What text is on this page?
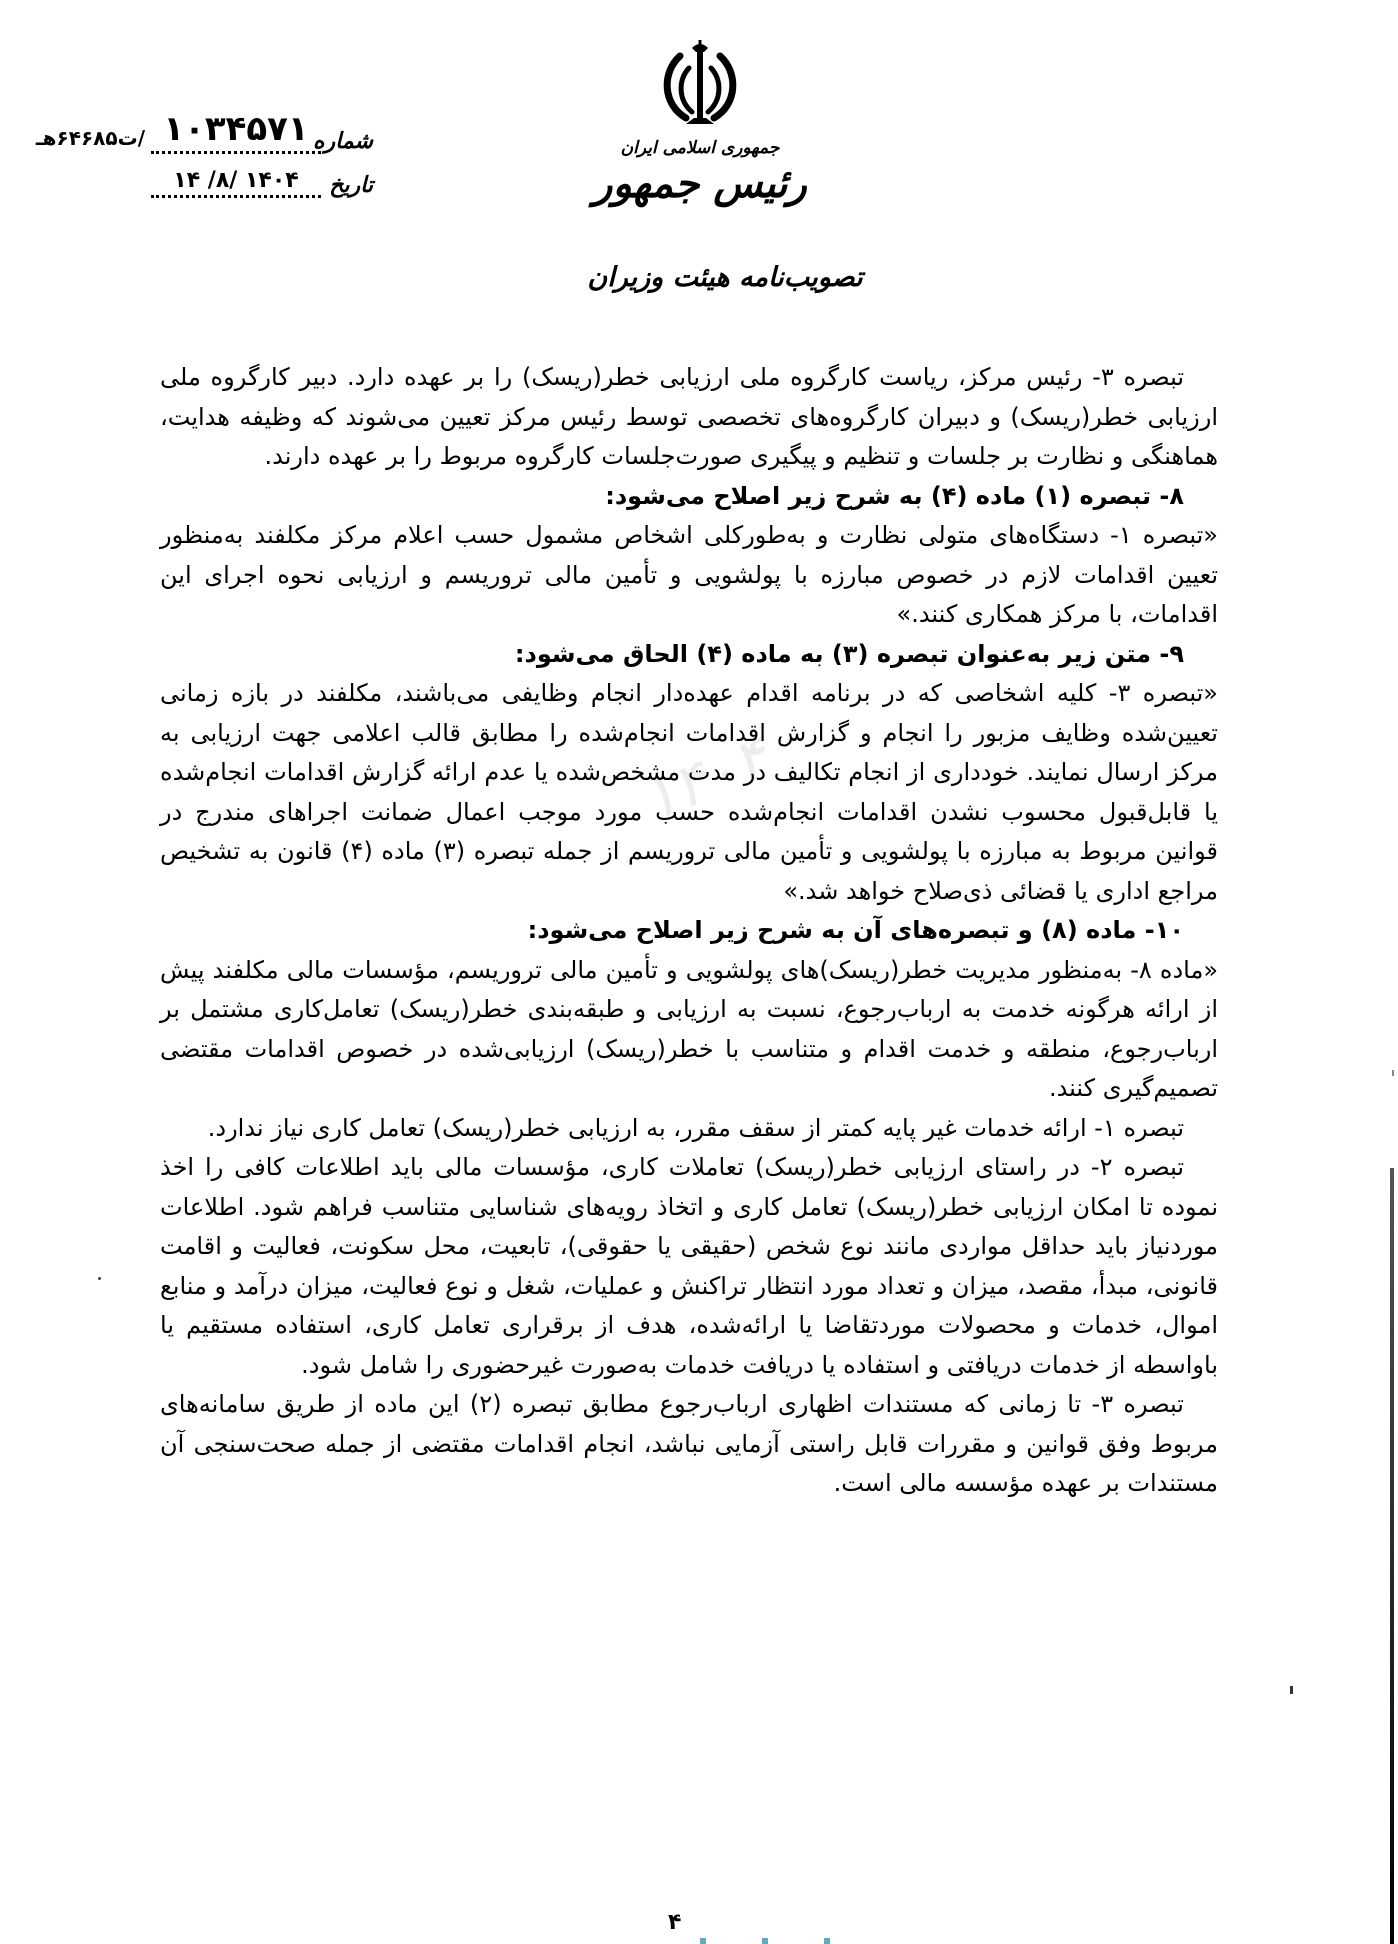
شماره
۱۰۳۴۵۷۱
/ت۶۴۶۸۵هـ
تاریخ
۱۴۰۴ /۸/ ۱۴
جمهوری اسلامی ایران
رئیس جمهور
تصویب‌نامه هیئت وزیران
۱۴۰۴

تبصره ۳- رئیس مرکز، ریاست کارگروه ملی ارزیابی خطر(ریسک) را بر عهده دارد. دبیر کارگروه ملی ارزیابی خطر(ریسک) و دبیران کارگروه‌های تخصصی توسط رئیس مرکز تعیین می‌شوند که وظیفه هدایت، هماهنگی و نظارت بر جلسات و تنظیم و پیگیری صورت‌جلسات کارگروه مربوط را بر عهده دارند.

۸- تبصره (۱) ماده (۴) به شرح زیر اصلاح می‌شود:

«تبصره ۱- دستگاه‌های متولی نظارت و به‌طورکلی اشخاص مشمول حسب اعلام مرکز مکلفند به‌منظور تعیین اقدامات لازم در خصوص مبارزه با پولشویی و تأمین مالی تروریسم و ارزیابی نحوه اجرای این اقدامات، با مرکز همکاری کنند.»

۹- متن زیر به‌عنوان تبصره (۳) به ماده (۴) الحاق می‌شود:

«تبصره ۳- کلیه اشخاصی که در برنامه اقدام عهده‌دار انجام وظایفی می‌باشند، مکلفند در بازه زمانی تعیین‌شده وظایف مزبور را انجام و گزارش اقدامات انجام‌شده را مطابق قالب اعلامی جهت ارزیابی به مرکز ارسال نمایند. خودداری از انجام تکالیف در مدت مشخص‌شده یا عدم ارائه گزارش اقدامات انجام‌شده یا قابل‌قبول محسوب نشدن اقدامات انجام‌شده حسب مورد موجب اعمال ضمانت اجراهای مندرج در قوانین مربوط به مبارزه با پولشویی و تأمین مالی تروریسم از جمله تبصره (۳) ماده (۴) قانون به تشخیص مراجع اداری یا قضائی ذی‌صلاح خواهد شد.»

۱۰- ماده (۸) و تبصره‌های آن به شرح زیر اصلاح می‌شود:

«ماده ۸- به‌منظور مدیریت خطر(ریسک)های پولشویی و تأمین مالی تروریسم، مؤسسات مالی مکلفند پیش از ارائه هرگونه خدمت به ارباب‌رجوع، نسبت به ارزیابی و طبقه‌بندی خطر(ریسک) تعامل‌کاری مشتمل بر ارباب‌رجوع، منطقه و خدمت اقدام و متناسب با خطر(ریسک) ارزیابی‌شده در خصوص اقدامات مقتضی تصمیم‌گیری کنند.

تبصره ۱- ارائه خدمات غیر پایه کمتر از سقف مقرر، به ارزیابی خطر(ریسک) تعامل کاری نیاز ندارد.

تبصره ۲- در راستای ارزیابی خطر(ریسک) تعاملات کاری، مؤسسات مالی باید اطلاعات کافی را اخذ نموده تا امکان ارزیابی خطر(ریسک) تعامل کاری و اتخاذ رویه‌های شناسایی متناسب فراهم شود. اطلاعات موردنیاز باید حداقل مواردی مانند نوع شخص (حقیقی یا حقوقی)، تابعیت، محل سکونت، فعالیت و اقامت قانونی، مبدأ، مقصد، میزان و تعداد مورد انتظار تراکنش و عملیات، شغل و نوع فعالیت، میزان درآمد و منابع اموال، خدمات و محصولات موردتقاضا یا ارائه‌شده، هدف از برقراری تعامل کاری، استفاده مستقیم یا باواسطه از خدمات دریافتی و استفاده یا دریافت خدمات به‌صورت غیرحضوری را شامل شود.

تبصره ۳- تا زمانی که مستندات اظهاری ارباب‌رجوع مطابق تبصره (۲) این ماده از طریق سامانه‌های مربوط وفق قوانین و مقررات قابل راستی آزمایی نباشد، انجام اقدامات مقتضی از جمله صحت‌سنجی آن مستندات بر عهده مؤسسه مالی است.

۴
